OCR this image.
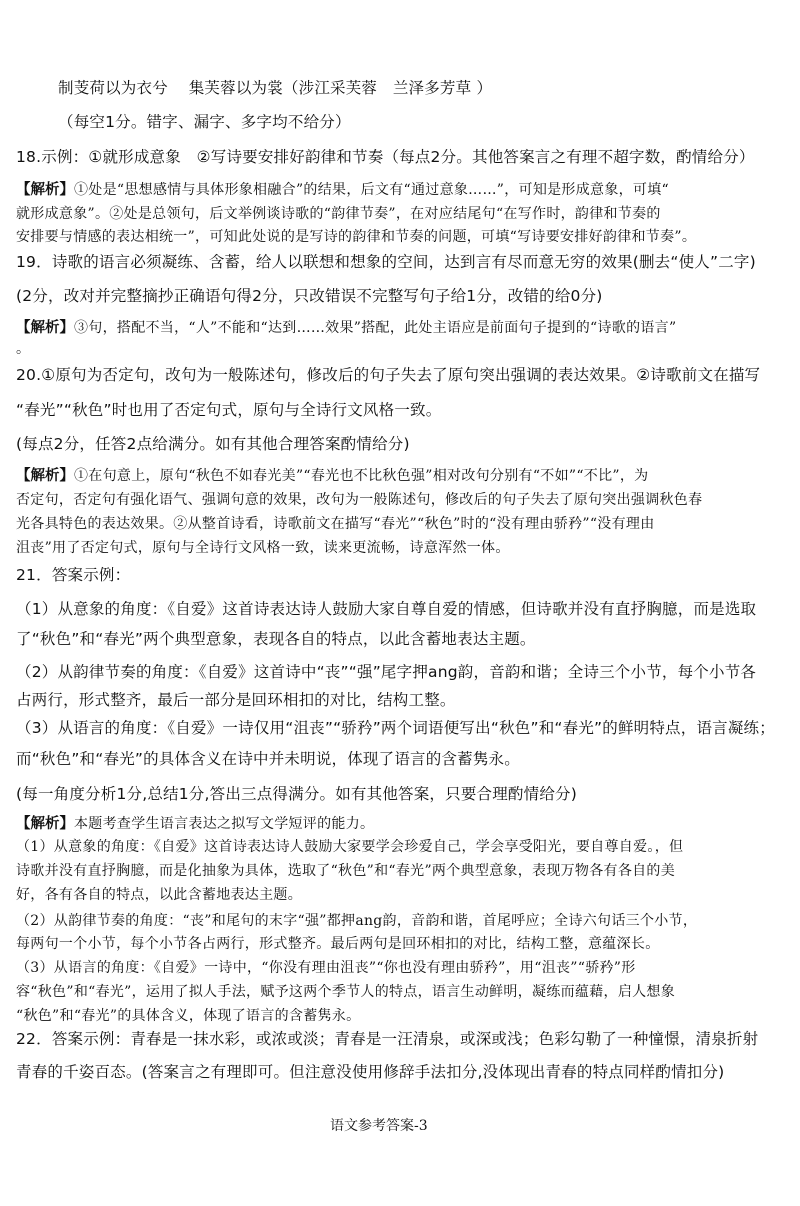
制芰荷以为衣兮　 集芙蓉以为裳（涉江采芙蓉　兰泽多芳草 ）
（每空1分。错字、漏字、多字均不给分）
18.示例：①就形成意象　②写诗要安排好韵律和节奏（每点2分。其他答案言之有理不超字数，酌情给分）
【解析】①处是“思想感情与具体形象相融合”的结果，后文有“通过意象……”，可知是形成意象，可填“
就形成意象”。②处是总领句，后文举例谈诗歌的“韵律节奏”，在对应结尾句“在写作时，韵律和节奏的
安排要与情感的表达相统一”，可知此处说的是写诗的韵律和节奏的问题，可填“写诗要安排好韵律和节奏”。
19．诗歌的语言必须凝练、含蓄，给人以联想和想象的空间，达到言有尽而意无穷的效果(删去“使人”二字)
(2分，改对并完整摘抄正确语句得2分，只改错误不完整写句子给1分，改错的给0分)
【解析】③句，搭配不当，“人”不能和“达到……效果”搭配，此处主语应是前面句子提到的“诗歌的语言”
。
20.①原句为否定句，改句为一般陈述句，修改后的句子失去了原句突出强调的表达效果。②诗歌前文在描写
“春光”“秋色”时也用了否定句式，原句与全诗行文风格一致。
(每点2分，任答2点给满分。如有其他合理答案酌情给分)
【解析】①在句意上，原句“秋色不如春光美”“春光也不比秋色强”相对改句分别有“不如”“不比”，为
否定句，否定句有强化语气、强调句意的效果，改句为一般陈述句，修改后的句子失去了原句突出强调秋色春
光各具特色的表达效果。②从整首诗看，诗歌前文在描写“春光”“秋色”时的“没有理由骄矜”“没有理由
沮丧”用了否定句式，原句与全诗行文风格一致，读来更流畅，诗意浑然一体。
21．答案示例：
（1）从意象的角度：《自爱》这首诗表达诗人鼓励大家自尊自爱的情感，但诗歌并没有直抒胸臆，而是选取
了“秋色”和“春光”两个典型意象，表现各自的特点，以此含蓄地表达主题。
（2）从韵律节奏的角度：《自爱》这首诗中“丧”“强”尾字押ang韵，音韵和谐；全诗三个小节，每个小节各
占两行，形式整齐，最后一部分是回环相扣的对比，结构工整。
（3）从语言的角度：《自爱》一诗仅用“沮丧”“骄矜”两个词语便写出“秋色”和“春光”的鲜明特点，语言凝练；
而“秋色”和“春光”的具体含义在诗中并未明说，体现了语言的含蓄隽永。
(每一角度分析1分,总结1分,答出三点得满分。如有其他答案，只要合理酌情给分)
【解析】本题考查学生语言表达之拟写文学短评的能力。
（1）从意象的角度：《自爱》这首诗表达诗人鼓励大家要学会珍爱自己，学会享受阳光，要自尊自爱。，但
诗歌并没有直抒胸臆，而是化抽象为具体，选取了“秋色”和“春光”两个典型意象，表现万物各有各自的美
好，各有各自的特点，以此含蓄地表达主题。
（2）从韵律节奏的角度：“丧”和尾句的末字“强”都押ang韵，音韵和谐，首尾呼应；全诗六句话三个小节，
每两句一个小节，每个小节各占两行，形式整齐。最后两句是回环相扣的对比，结构工整，意蕴深长。
（3）从语言的角度：《自爱》一诗中，“你没有理由沮丧”“你也没有理由骄矜”，用“沮丧”“骄矜”形
容“秋色”和“春光”，运用了拟人手法，赋予这两个季节人的特点，语言生动鲜明，凝练而蕴藉，启人想象
“秋色”和“春光”的具体含义，体现了语言的含蓄隽永。
22．答案示例：青春是一抹水彩，或浓或淡；青春是一汪清泉，或深或浅；色彩勾勒了一种憧憬，清泉折射
青春的千姿百态。(答案言之有理即可。但注意没使用修辞手法扣分,没体现出青春的特点同样酌情扣分)
语文参考答案-3
